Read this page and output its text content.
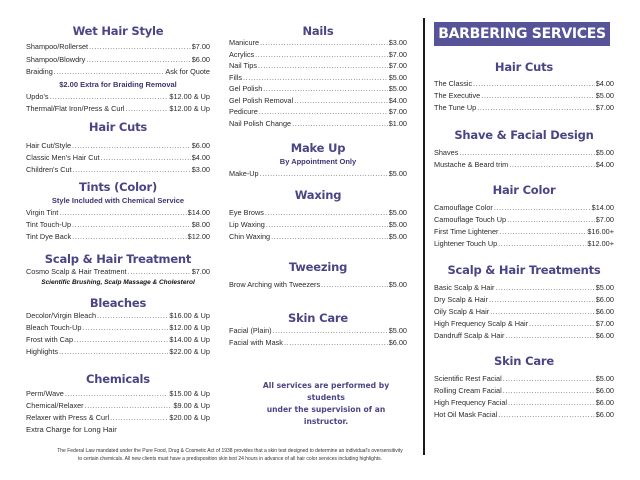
Wet Hair Style
Shampoo/Rollerset .....	$7.00
Shampoo/Blowdry .....	$6.00
Braiding .....	Ask for Quote
$2.00 Extra for Braiding Removal
Updo's .....	$12.00 & Up
Thermal/Flat Iron/Press & Curl .....	$12.00 & Up
Hair Cuts
Hair Cut/Style .....	$6.00
Classic Men's Hair Cut .....	$4.00
Children's Cut .....	$3.00
Tints (Color)
Style Included with Chemical Service
Virgin Tint .....	$14.00
Tint Touch-Up .....	$8.00
Tint Dye Back .....	$12.00
Scalp & Hair Treatment
Cosmo Scalp & Hair Treatment .....	$7.00
Scientific Brushing, Scalp Massage & Cholesterol
Bleaches
Decolor/Virgin Bleach .....	$16.00 & Up
Bleach Touch-Up .....	$12.00 & Up
Frost with Cap .....	$14.00 & Up
Highlights .....	$22.00 & Up
Chemicals
Perm/Wave .....	$15.00 & Up
Chemical/Relaxer .....	$9.00 & Up
Relaxer with Press & Curl .....	$20.00 & Up
Extra Charge for Long Hair
Nails
Manicure .....	$3.00
Acrylics .....	$7.00
Nail Tips .....	$7.00
Fills .....	$5.00
Gel Polish .....	$5.00
Gel Polish Removal .....	$4.00
Pedicure .....	$7.00
Nail Polish Change .....	$1.00
Make Up
By Appointment Only
Make-Up .....	$5.00
Waxing
Eye Brows .....	$5.00
Lip Waxing .....	$5.00
Chin Waxing .....	$5.00
Tweezing
Brow Arching with Tweezers .....	$5.00
Skin Care
Facial (Plain) .....	$5.00
Facial with Mask .....	$6.00
All services are performed by students
under the supervision of an instructor.
BARBERING SERVICES
Hair Cuts
The Classic .....	$4.00
The Executive .....	$5.00
The Tune Up .....	$7.00
Shave & Facial Design
Shaves .....	$5.00
Mustache & Beard trim .....	$4.00
Hair Color
Camouflage Color .....	$14.00
Camouflage Touch Up .....	$7.00
First Time Lightener .....	$16.00+
Lightener Touch Up .....	$12.00+
Scalp & Hair Treatments
Basic Scalp & Hair .....	$5.00
Dry Scalp & Hair .....	$6.00
Oily Scalp & Hair .....	$6.00
High Frequency Scalp & Hair .....	$7.00
Dandruff Scalp & Hair .....	$6.00
Skin Care
Scientific Rest Facial .....	$5.00
Rolling Cream Facial .....	$6.00
High Frequency Facial .....	$6.00
Hot Oil Mask Facial .....	$6.00
The Federal Law mandated under the Pure Food, Drug & Cosmetic Act of 1938 provides that a skin test designed to determine an individual's oversensitivity
to certain chemicals. All new clients must have a predisposition skin test 24 hours in advance of all hair color services including highlights.
